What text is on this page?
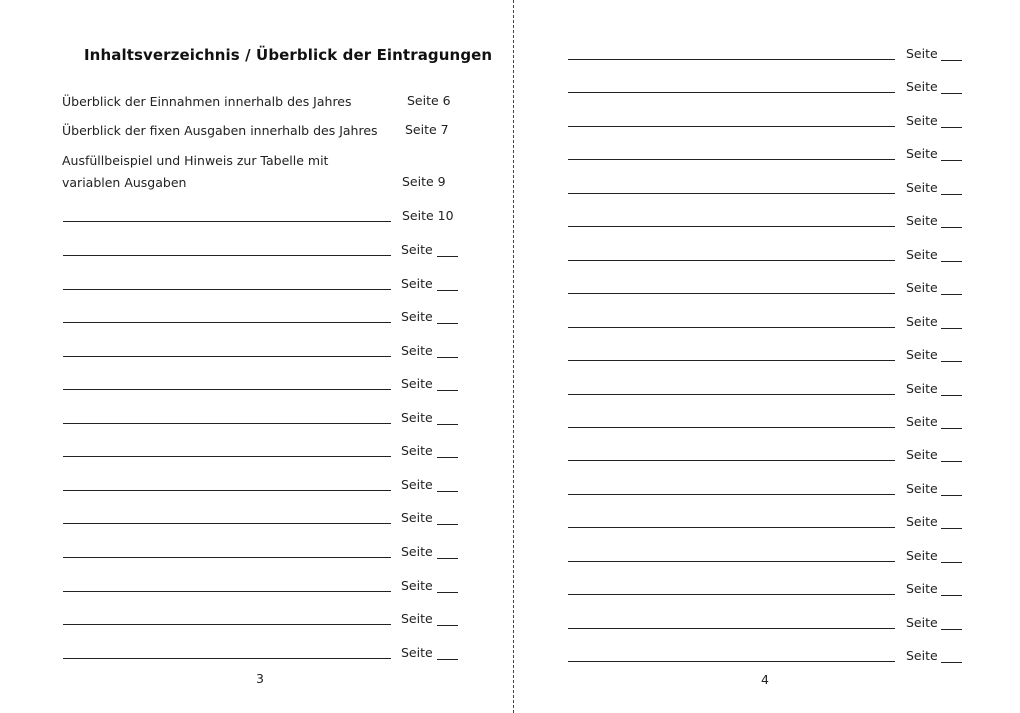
Inhaltsverzeichnis / Überblick der Eintragungen
Überblick der Einnahmen innerhalb des Jahres	Seite 6
Überblick der fixen Ausgaben innerhalb des Jahres Seite 7
Ausfüllbeispiel und Hinweis zur Tabelle mit
variablen Ausgaben	Seite 9
Seite 10
Seite
Seite
Seite
Seite
Seite
Seite
Seite
Seite
Seite
Seite
Seite
Seite
Seite
3
Seite
Seite
Seite
Seite
Seite
Seite
Seite
Seite
Seite
Seite
Seite
Seite
Seite
Seite
Seite
Seite
Seite
Seite
Seite
4
